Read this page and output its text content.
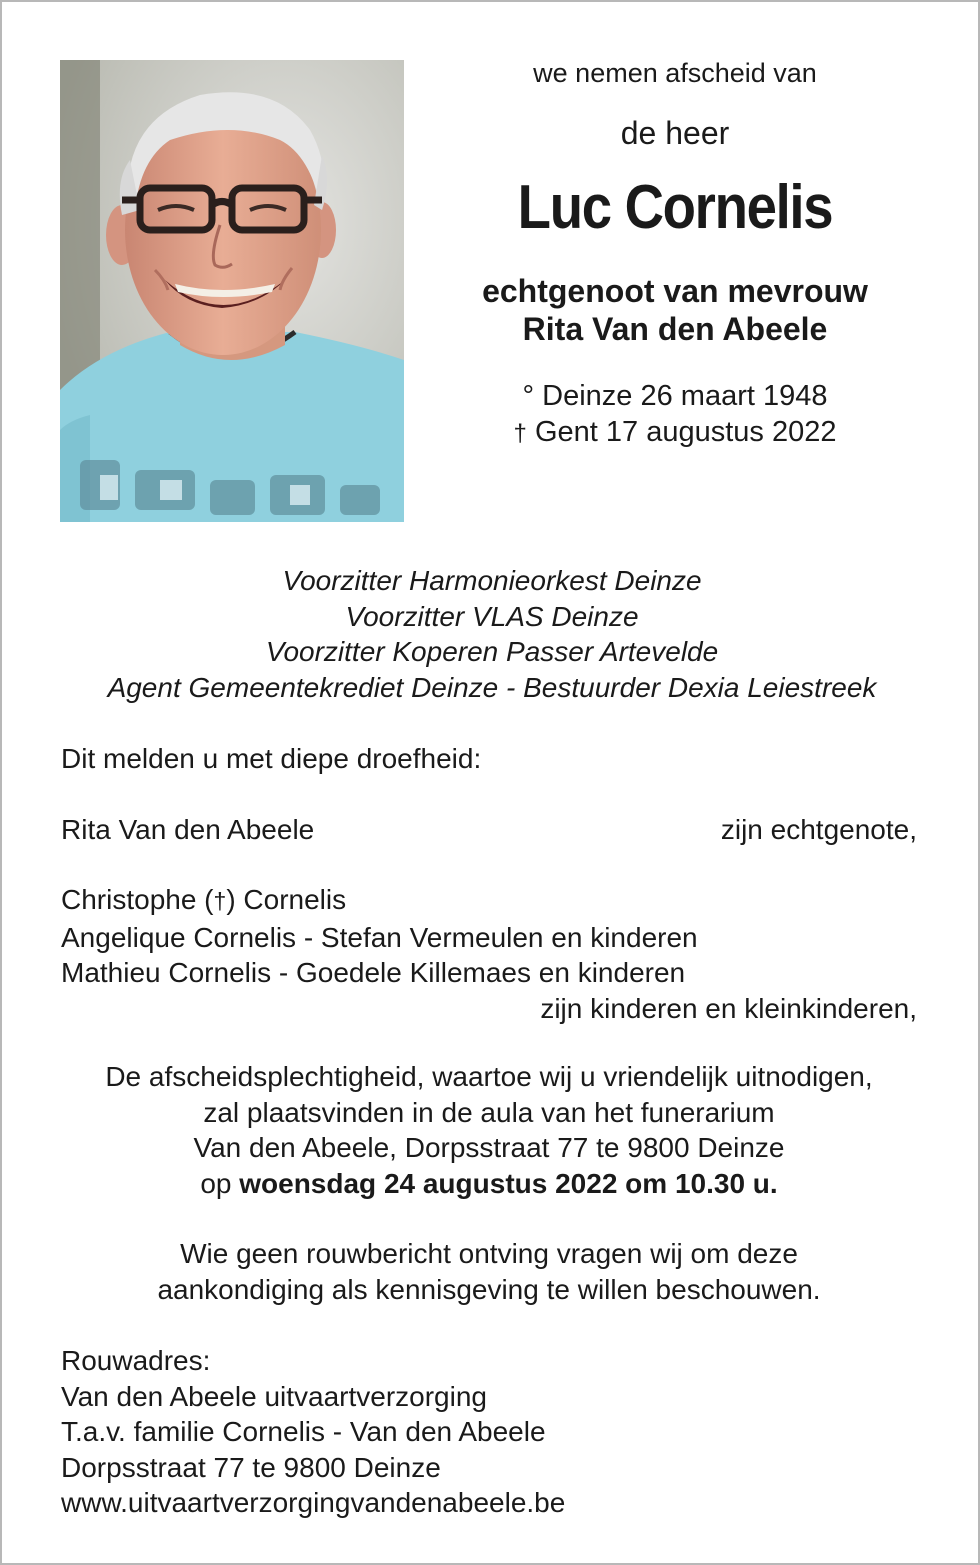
we nemen afscheid van

de heer

Luc Cornelis

echtgenoot van mevrouw
Rita Van den Abeele
° Deinze 26 maart 1948
† Gent 17 augustus 2022
Voorzitter Harmonieorkest Deinze
Voorzitter VLAS Deinze
Voorzitter Koperen Passer Artevelde
Agent Gemeentekrediet Deinze - Bestuurder Dexia Leiestreek
Dit melden u met diepe droefheid:
Rita Van den Abeele	zijn echtgenote,
Christophe (†) Cornelis
Angelique Cornelis - Stefan Vermeulen en kinderen
Mathieu Cornelis - Goedele Killemaes en kinderen
zijn kinderen en kleinkinderen,
De afscheidsplechtigheid, waartoe wij u vriendelijk uitnodigen,
zal plaatsvinden in de aula van het funerarium
Van den Abeele, Dorpsstraat 77 te 9800 Deinze
op woensdag 24 augustus 2022 om 10.30 u.
Wie geen rouwbericht ontving vragen wij om deze
aankondiging als kennisgeving te willen beschouwen.
Rouwadres:
Van den Abeele uitvaartverzorging
T.a.v. familie Cornelis - Van den Abeele
Dorpsstraat 77 te 9800 Deinze
www.uitvaartverzorgingvandenabeele.be
